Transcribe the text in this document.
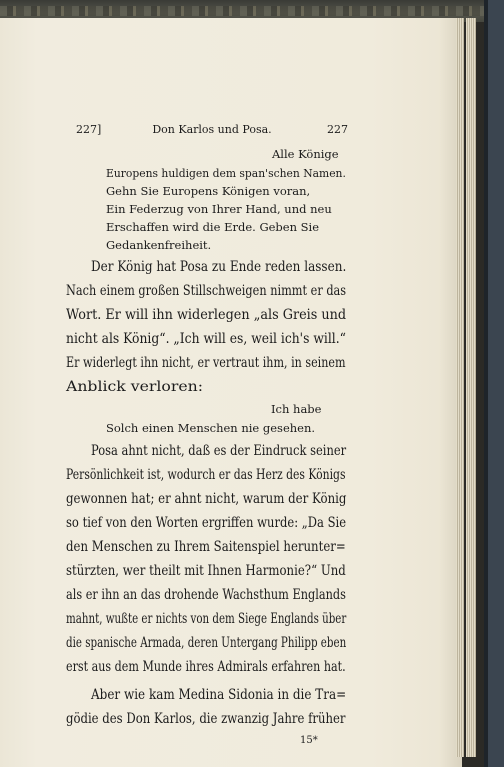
227]	Don Karlos und Posa.	227
Alle Könige
Europens huldigen dem span'schen Namen.
Gehn Sie Europens Königen voran,
Ein Federzug von Ihrer Hand, und neu
Erschaffen wird die Erde. Geben Sie
Gedankenfreiheit.
Der König hat Posa zu Ende reden lassen.
Nach einem großen Stillschweigen nimmt er das
Wort. Er will ihn widerlegen „als Greis und
nicht als König“. „Ich will es, weil ich's will.“
Er widerlegt ihn nicht, er vertraut ihm, in seinem
Anblick verloren:
Ich habe
Solch einen Menschen nie gesehen.
Posa ahnt nicht, daß es der Eindruck seiner
Persönlichkeit ist, wodurch er das Herz des Königs
gewonnen hat; er ahnt nicht, warum der König
so tief von den Worten ergriffen wurde: „Da Sie
den Menschen zu Ihrem Saitenspiel herunter=
stürzten, wer theilt mit Ihnen Harmonie?“ Und
als er ihn an das drohende Wachsthum Englands
mahnt, wußte er nichts von dem Siege Englands über
die spanische Armada, deren Untergang Philipp eben
erst aus dem Munde ihres Admirals erfahren hat.
Aber wie kam Medina Sidonia in die Tra=
gödie des Don Karlos, die zwanzig Jahre früher
15*
